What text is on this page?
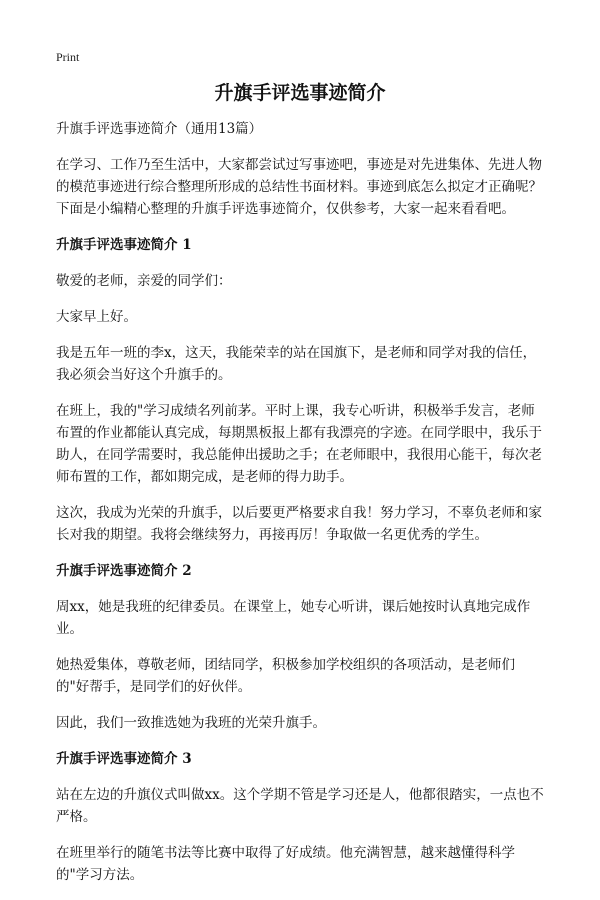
Print
升旗手评选事迹简介

升旗手评选事迹简介（通用13篇）

在学习、工作乃至生活中，大家都尝试过写事迹吧，事迹是对先进集体、先进人物的模范事迹进行综合整理所形成的总结性书面材料。事迹到底怎么拟定才正确呢？下面是小编精心整理的升旗手评选事迹简介，仅供参考，大家一起来看看吧。

升旗手评选事迹简介 1

敬爱的老师，亲爱的同学们：

大家早上好。

我是五年一班的李x，这天，我能荣幸的站在国旗下，是老师和同学对我的信任，我必须会当好这个升旗手的。

在班上，我的"学习成绩名列前茅。平时上课，我专心听讲，积极举手发言，老师布置的作业都能认真完成，每期黑板报上都有我漂亮的字迹。在同学眼中，我乐于助人，在同学需要时，我总能伸出援助之手；在老师眼中，我很用心能干，每次老师布置的工作，都如期完成，是老师的得力助手。

这次，我成为光荣的升旗手，以后要更严格要求自我！努力学习，不辜负老师和家长对我的期望。我将会继续努力，再接再厉！争取做一名更优秀的学生。

升旗手评选事迹简介 2

周xx，她是我班的纪律委员。在课堂上，她专心听讲，课后她按时认真地完成作业。

她热爱集体，尊敬老师，团结同学，积极参加学校组织的各项活动，是老师们的"好帮手，是同学们的好伙伴。

因此，我们一致推选她为我班的光荣升旗手。

升旗手评选事迹简介 3

站在左边的升旗仪式叫做xx。这个学期不管是学习还是人，他都很踏实，一点也不严格。

在班里举行的随笔书法等比赛中取得了好成绩。他充满智慧，越来越懂得科学的"学习方法。
